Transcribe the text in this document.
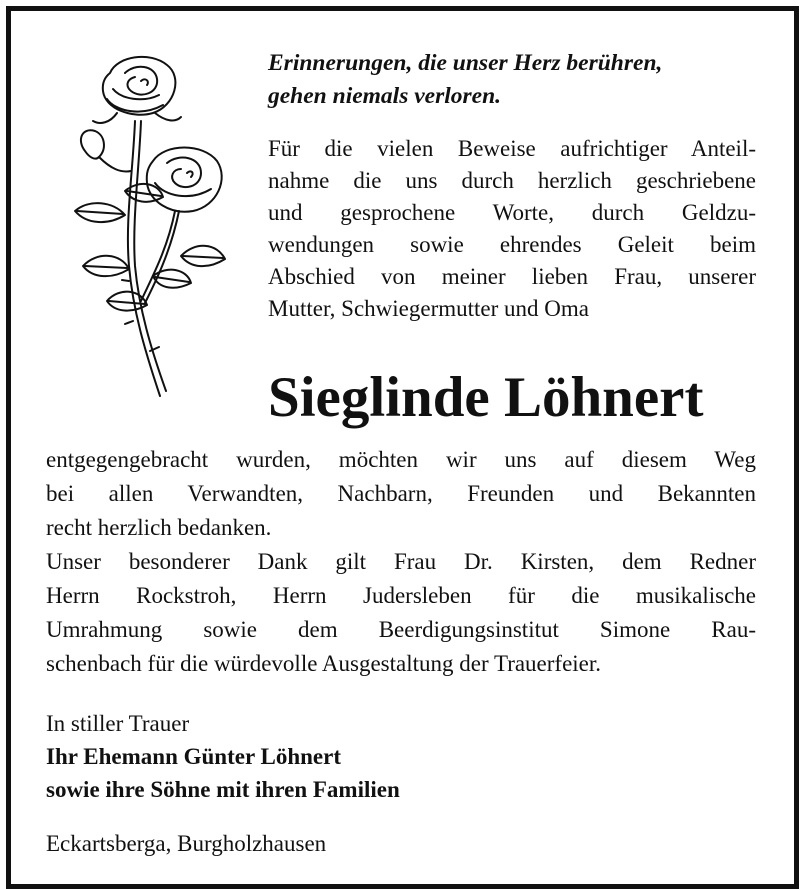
Erinnerungen, die unser Herz berühren,
gehen niemals verloren.
Für die vielen Beweise aufrichtiger Anteil-
nahme die uns durch herzlich geschriebene
und gesprochene Worte, durch Geldzu-
wendungen sowie ehrendes Geleit beim
Abschied von meiner lieben Frau, unserer
Mutter, Schwiegermutter und Oma
Sieglinde Löhnert
entgegengebracht wurden, möchten wir uns auf diesem Weg
bei allen Verwandten, Nachbarn, Freunden und Bekannten
recht herzlich bedanken.
Unser besonderer Dank gilt Frau Dr. Kirsten, dem Redner
Herrn Rockstroh, Herrn Judersleben für die musikalische
Umrahmung sowie dem Beerdigungsinstitut Simone Rau-
schenbach für die würdevolle Ausgestaltung der Trauerfeier.
In stiller Trauer
Ihr Ehemann Günter Löhnert
sowie ihre Söhne mit ihren Familien
Eckartsberga, Burgholzhausen
